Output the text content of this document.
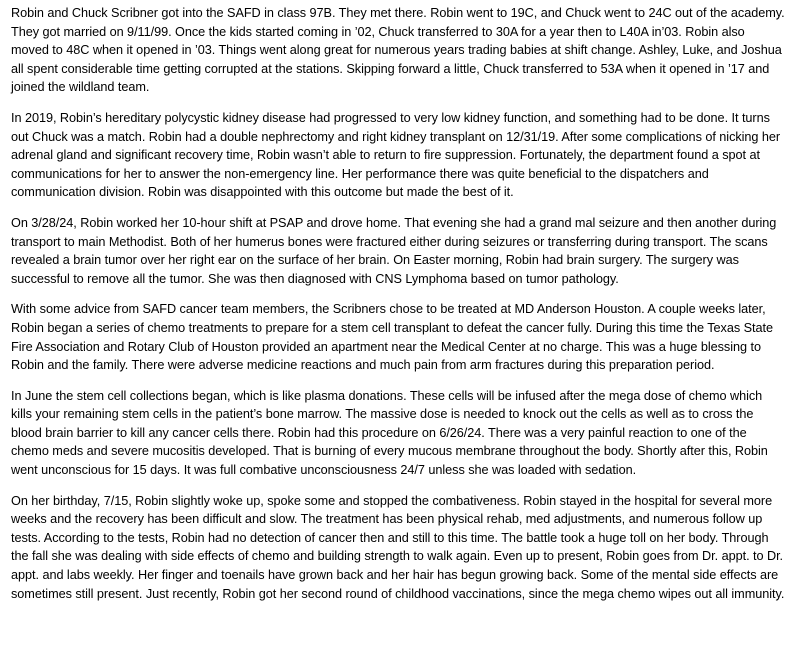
Robin and Chuck Scribner got into the SAFD in class 97B. They met there. Robin went to 19C, and Chuck went to 24C out of the academy. They got married on 9/11/99. Once the kids started coming in ’02, Chuck transferred to 30A for a year then to L40A in’03. Robin also moved to 48C when it opened in ’03. Things went along great for numerous years trading babies at shift change. Ashley, Luke, and Joshua all spent considerable time getting corrupted at the stations. Skipping forward a little, Chuck transferred to 53A when it opened in ’17 and joined the wildland team.

In 2019, Robin’s hereditary polycystic kidney disease had progressed to very low kidney function, and something had to be done. It turns out Chuck was a match. Robin had a double nephrectomy and right kidney transplant on 12/31/19. After some complications of nicking her adrenal gland and significant recovery time, Robin wasn’t able to return to fire suppression. Fortunately, the department found a spot at communications for her to answer the non-emergency line. Her performance there was quite beneficial to the dispatchers and communication division. Robin was disappointed with this outcome but made the best of it.

On 3/28/24, Robin worked her 10-hour shift at PSAP and drove home. That evening she had a grand mal seizure and then another during transport to main Methodist. Both of her humerus bones were fractured either during seizures or transferring during transport. The scans revealed a brain tumor over her right ear on the surface of her brain. On Easter morning, Robin had brain surgery. The surgery was successful to remove all the tumor. She was then diagnosed with CNS Lymphoma based on tumor pathology.

With some advice from SAFD cancer team members, the Scribners chose to be treated at MD Anderson Houston. A couple weeks later, Robin began a series of chemo treatments to prepare for a stem cell transplant to defeat the cancer fully. During this time the Texas State Fire Association and Rotary Club of Houston provided an apartment near the Medical Center at no charge. This was a huge blessing to Robin and the family. There were adverse medicine reactions and much pain from arm fractures during this preparation period.

In June the stem cell collections began, which is like plasma donations. These cells will be infused after the mega dose of chemo which kills your remaining stem cells in the patient’s bone marrow. The massive dose is needed to knock out the cells as well as to cross the blood brain barrier to kill any cancer cells there. Robin had this procedure on 6/26/24. There was a very painful reaction to one of the chemo meds and severe mucositis developed. That is burning of every mucous membrane throughout the body. Shortly after this, Robin went unconscious for 15 days. It was full combative unconsciousness 24/7 unless she was loaded with sedation.

On her birthday, 7/15, Robin slightly woke up, spoke some and stopped the combativeness. Robin stayed in the hospital for several more weeks and the recovery has been difficult and slow. The treatment has been physical rehab, med adjustments, and numerous follow up tests. According to the tests, Robin had no detection of cancer then and still to this time. The battle took a huge toll on her body. Through the fall she was dealing with side effects of chemo and building strength to walk again. Even up to present, Robin goes from Dr. appt. to Dr. appt. and labs weekly. Her finger and toenails have grown back and her hair has begun growing back. Some of the mental side effects are sometimes still present. Just recently, Robin got her second round of childhood vaccinations, since the mega chemo wipes out all immunity.
